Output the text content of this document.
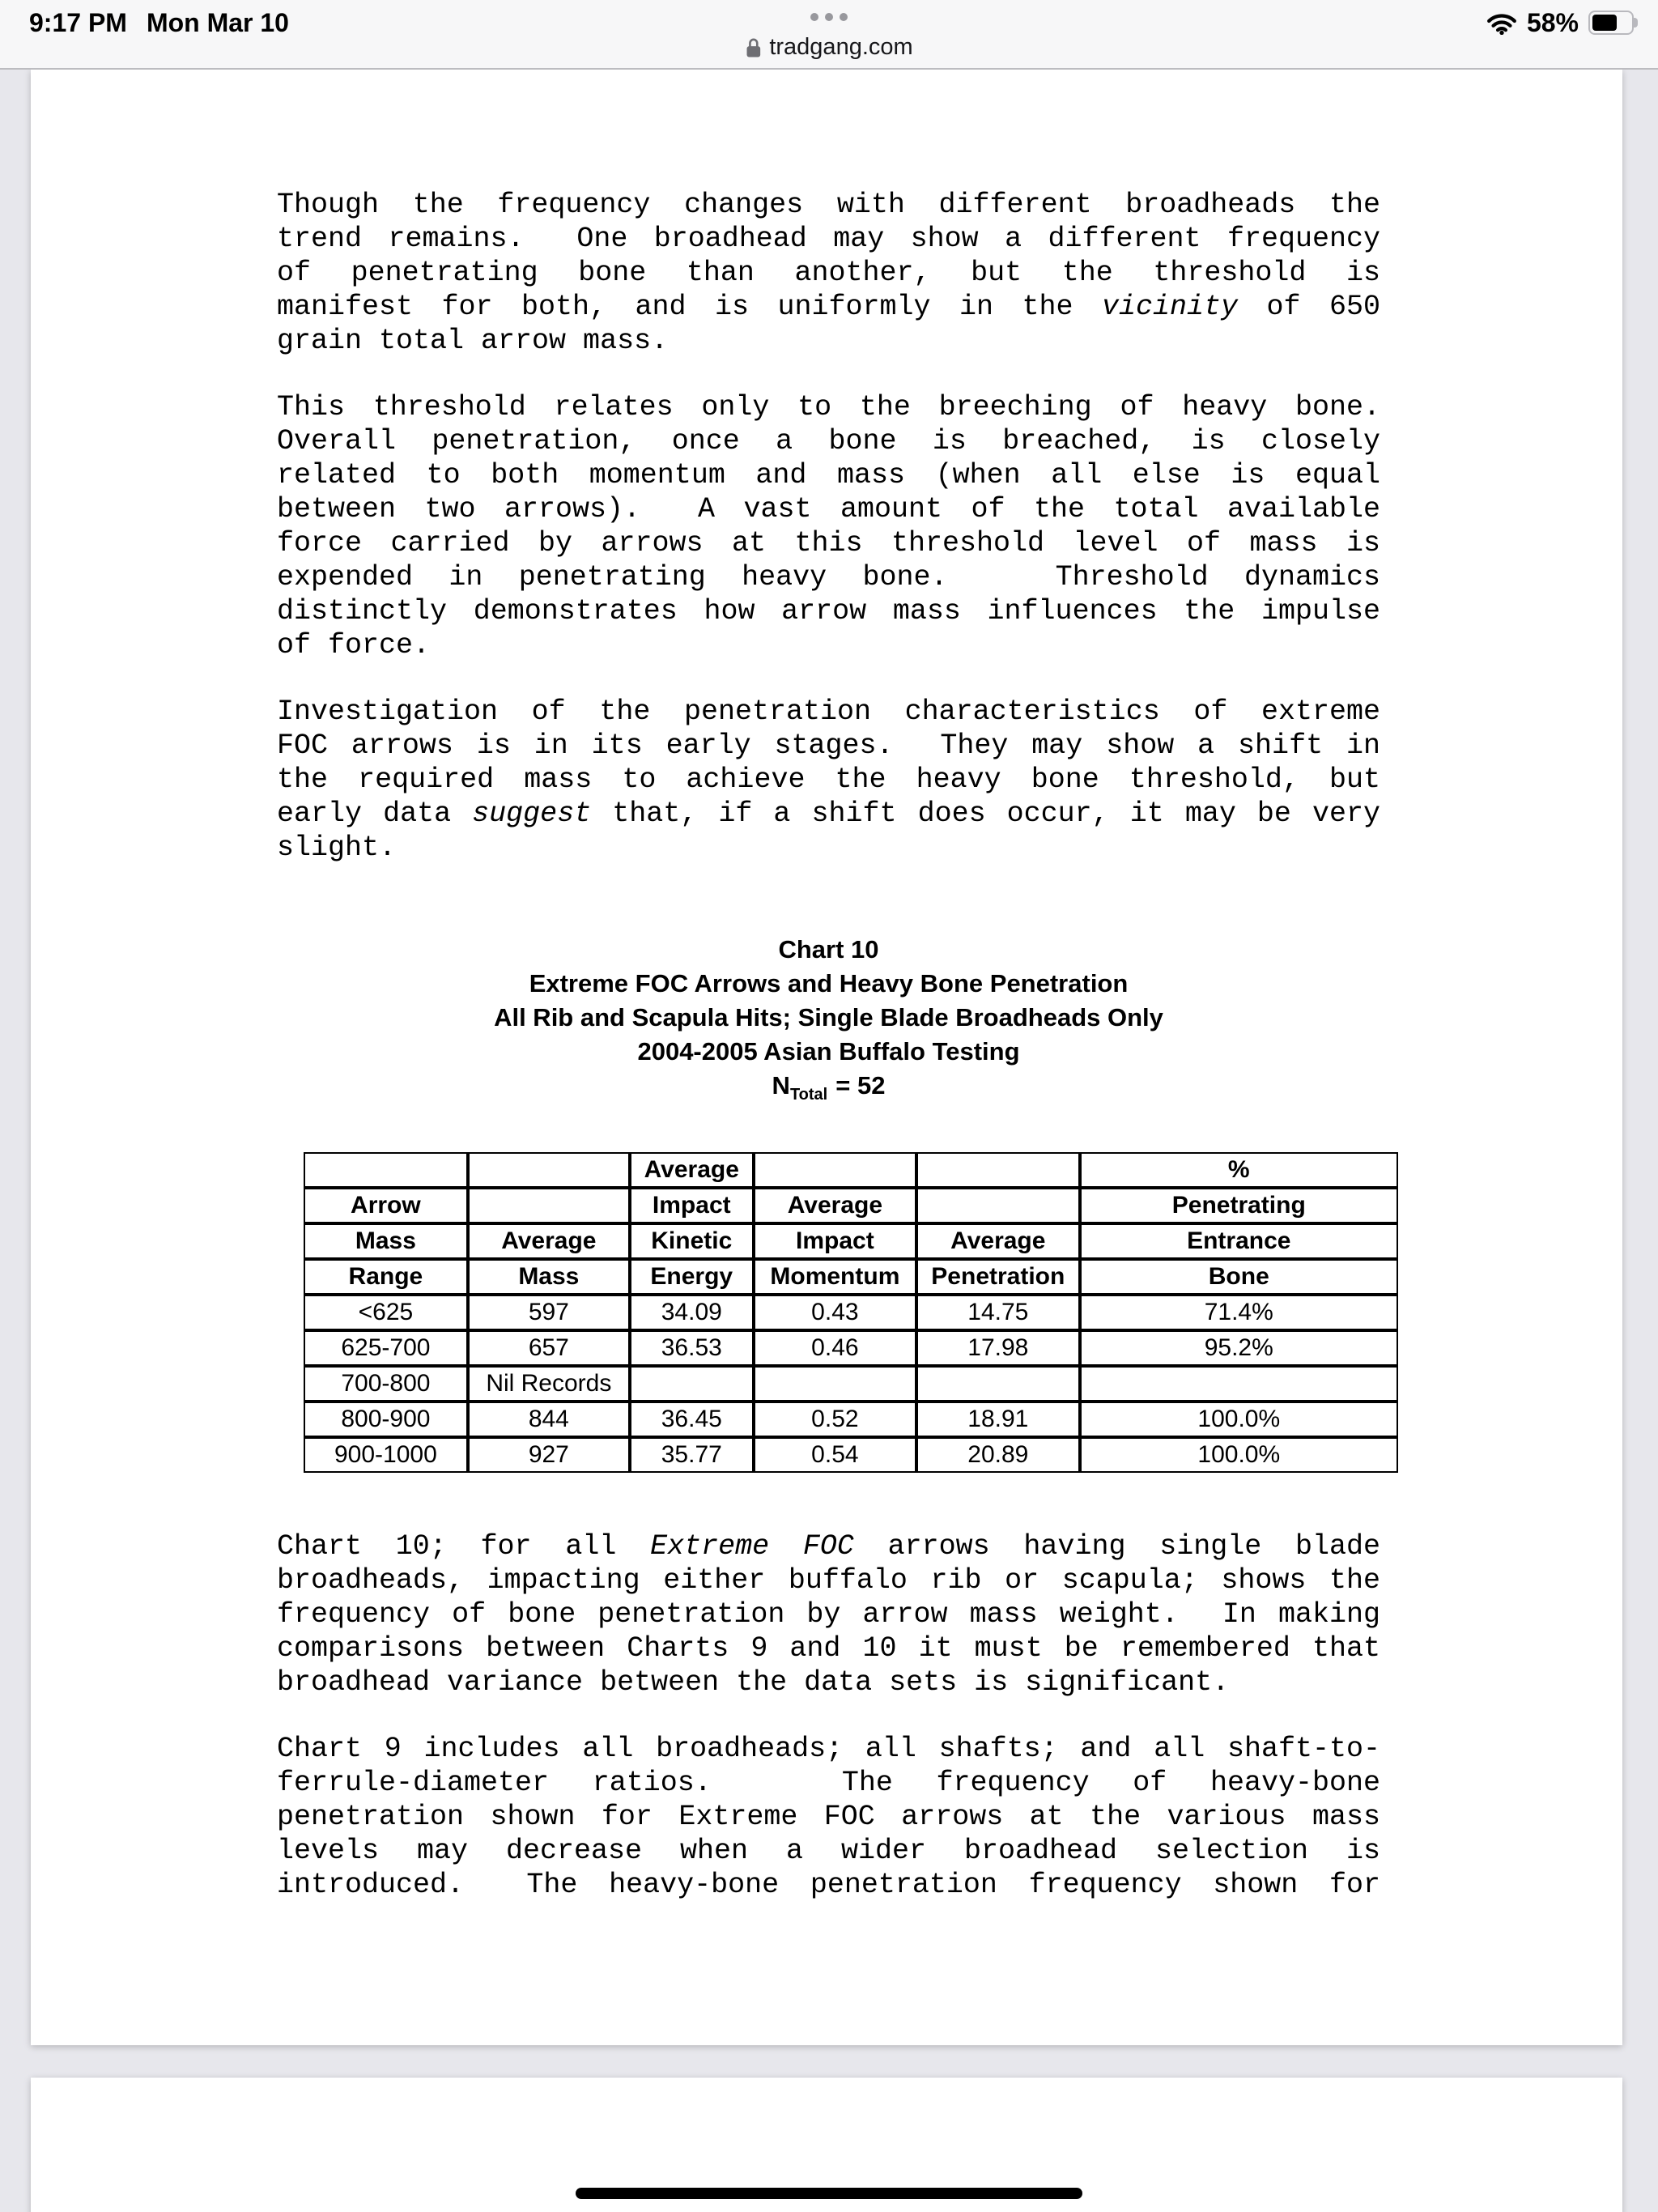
9:17 PM Mon Mar 10	58%
tradgang.com
Though the frequency changes with different broadheads the
trend remains.  One broadhead may show a different frequency
of penetrating bone than another, but the threshold is
manifest for both, and is uniformly in the vicinity of 650
grain total arrow mass.
This threshold relates only to the breeching of heavy bone.
Overall penetration, once a bone is breached, is closely
related to both momentum and mass (when all else is equal
between two arrows).  A vast amount of the total available
force carried by arrows at this threshold level of mass is
expended in penetrating heavy bone.   Threshold dynamics
distinctly demonstrates how arrow mass influences the impulse
of force.
Investigation of the penetration characteristics of extreme
FOC arrows is in its early stages.  They may show a shift in
the required mass to achieve the heavy bone threshold, but
early data suggest that, if a shift does occur, it may be very
slight.
Chart 10
Extreme FOC Arrows and Heavy Bone Penetration
All Rib and Scapula Hits; Single Blade Broadheads Only
2004-2005 Asian Buffalo Testing
$N_{Total} = 52$
		Average			%
Arrow		Impact	Average		Penetrating
Mass	Average	Kinetic	Impact	Average	Entrance
Range	Mass	Energy	Momentum	Penetration	Bone
<625	597	34.09	0.43	14.75	71.4%
625-700	657	36.53	0.46	17.98	95.2%
700-800	Nil Records				
800-900	844	36.45	0.52	18.91	100.0%
900-1000	927	35.77	0.54	20.89	100.0%
Chart 10; for all Extreme FOC arrows having single blade
broadheads, impacting either buffalo rib or scapula; shows the
frequency of bone penetration by arrow mass weight.  In making
comparisons between Charts 9 and 10 it must be remembered that
broadhead variance between the data sets is significant.
Chart 9 includes all broadheads; all shafts; and all shaft-to-
ferrule-diameter ratios.   The frequency of heavy-bone
penetration shown for Extreme FOC arrows at the various mass
levels may decrease when a wider broadhead selection is
introduced.  The heavy-bone penetration frequency shown for
